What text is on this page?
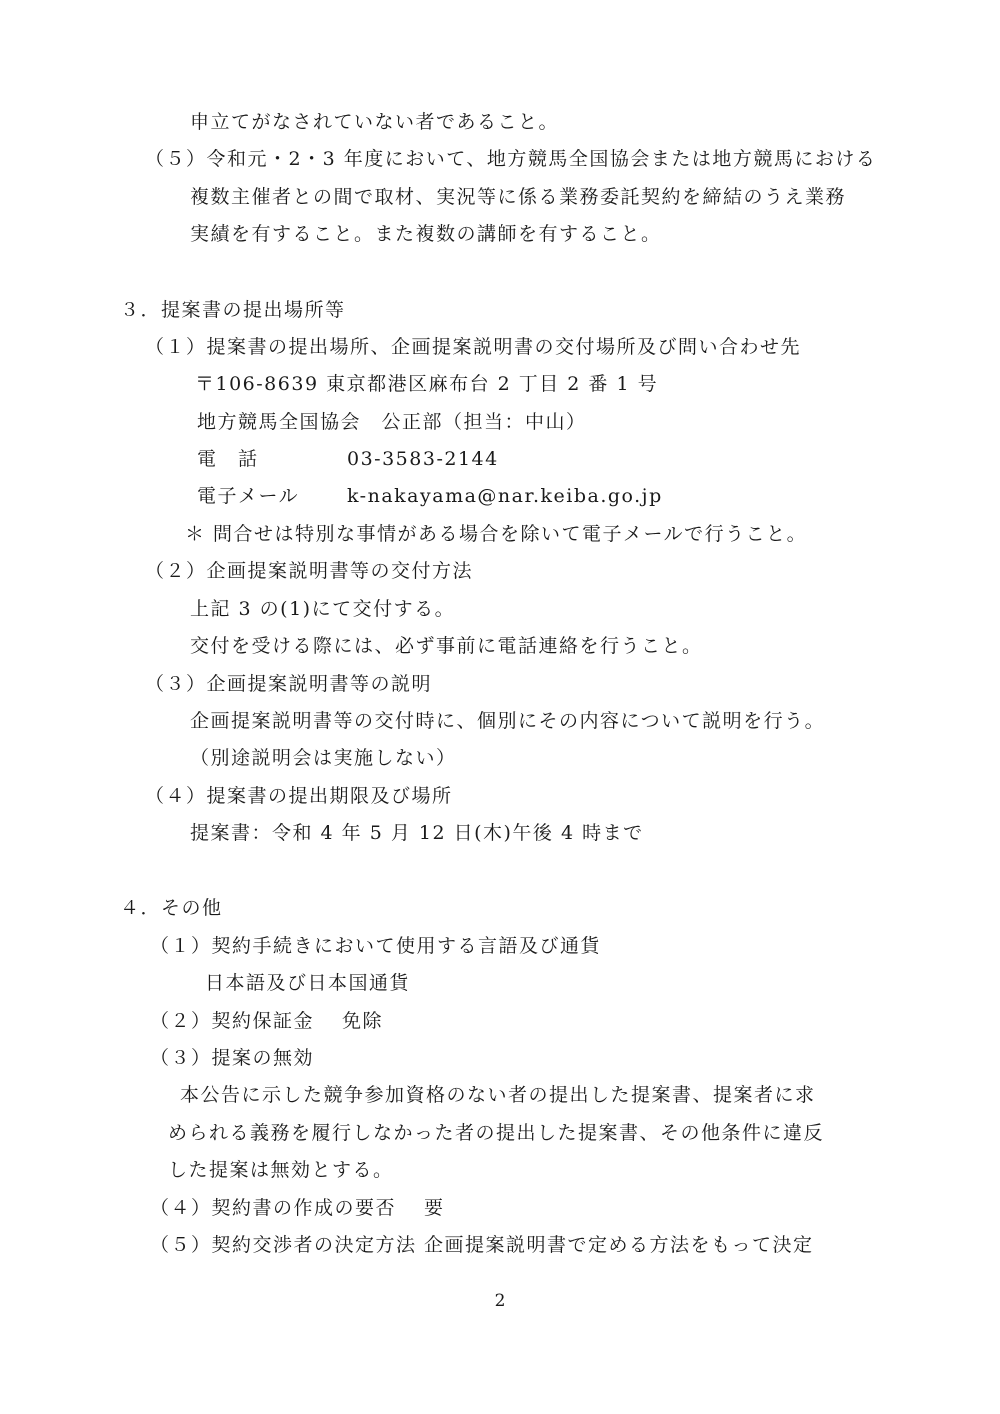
申立てがなされていない者であること。
（５）令和元・2・3 年度において、地方競馬全国協会または地方競馬における
複数主催者との間で取材、実況等に係る業務委託契約を締結のうえ業務
実績を有すること。また複数の講師を有すること。
３．提案書の提出場所等
（１）提案書の提出場所、企画提案説明書の交付場所及び問い合わせ先
〒106-8639 東京都港区麻布台 2 丁目 2 番 1 号
地方競馬全国協会　公正部（担当：中山）
電　話	03-3583-2144
電子メール	k-nakayama@nar.keiba.go.jp
＊ 問合せは特別な事情がある場合を除いて電子メールで行うこと。
（２）企画提案説明書等の交付方法
上記 3 の(1)にて交付する。
交付を受ける際には、必ず事前に電話連絡を行うこと。
（３）企画提案説明書等の説明
企画提案説明書等の交付時に、個別にその内容について説明を行う。
（別途説明会は実施しない）
（４）提案書の提出期限及び場所
提案書：令和 4 年 5 月 12 日(木)午後 4 時まで
４．その他
（１）契約手続きにおいて使用する言語及び通貨
日本語及び日本国通貨
（２）契約保証金　 免除
（３）提案の無効
本公告に示した競争参加資格のない者の提出した提案書、提案者に求
められる義務を履行しなかった者の提出した提案書、その他条件に違反
した提案は無効とする。
（４）契約書の作成の要否　 要
（５）契約交渉者の決定方法 企画提案説明書で定める方法をもって決定
2
